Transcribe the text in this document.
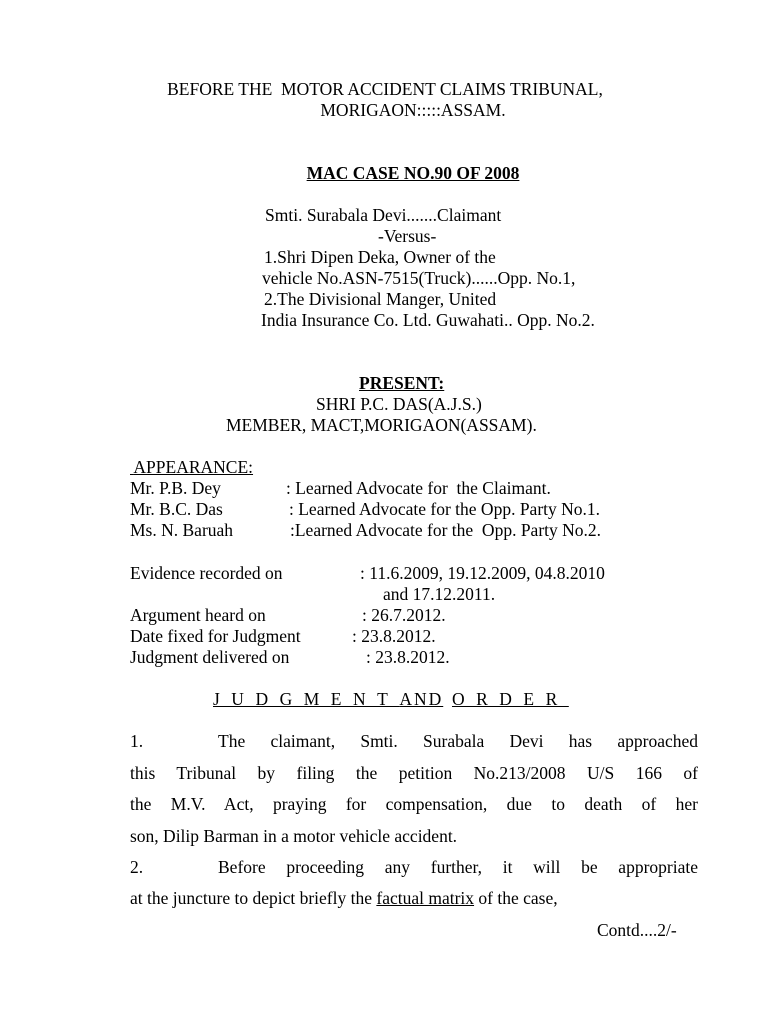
BEFORE THE  MOTOR ACCIDENT CLAIMS TRIBUNAL,
MORIGAON:::::ASSAM.
MAC CASE NO.90 OF 2008
Smti. Surabala Devi.......Claimant
-Versus-
1.Shri Dipen Deka, Owner of the
vehicle No.ASN-7515(Truck)......Opp. No.1,
2.The Divisional Manger, United
India Insurance Co. Ltd. Guwahati.. Opp. No.2.
PRESENT:
SHRI P.C. DAS(A.J.S.)
MEMBER, MACT,MORIGAON(ASSAM).
APPEARANCE:
Mr. P.B. Dey	: Learned Advocate for  the Claimant.
Mr. B.C. Das	: Learned Advocate for the Opp. Party No.1.
Ms. N. Baruah	:Learned Advocate for the  Opp. Party No.2.
Evidence recorded on	: 11.6.2009, 19.12.2009, 04.8.2010
and 17.12.2011.
Argument heard on	: 26.7.2012.
Date fixed for Judgment	: 23.8.2012.
Judgment delivered on	: 23.8.2012.
JUDGMENTAND ORDER
1.	The claimant, Smti. Surabala Devi has approached
this Tribunal by filing the petition No.213/2008 U/S 166 of
the M.V. Act, praying for compensation, due to death of her
son, Dilip Barman in a motor vehicle accident.
2.	Before proceeding any further, it will be appropriate
at the juncture to depict briefly the factual matrix of the case,
Contd....2/-
